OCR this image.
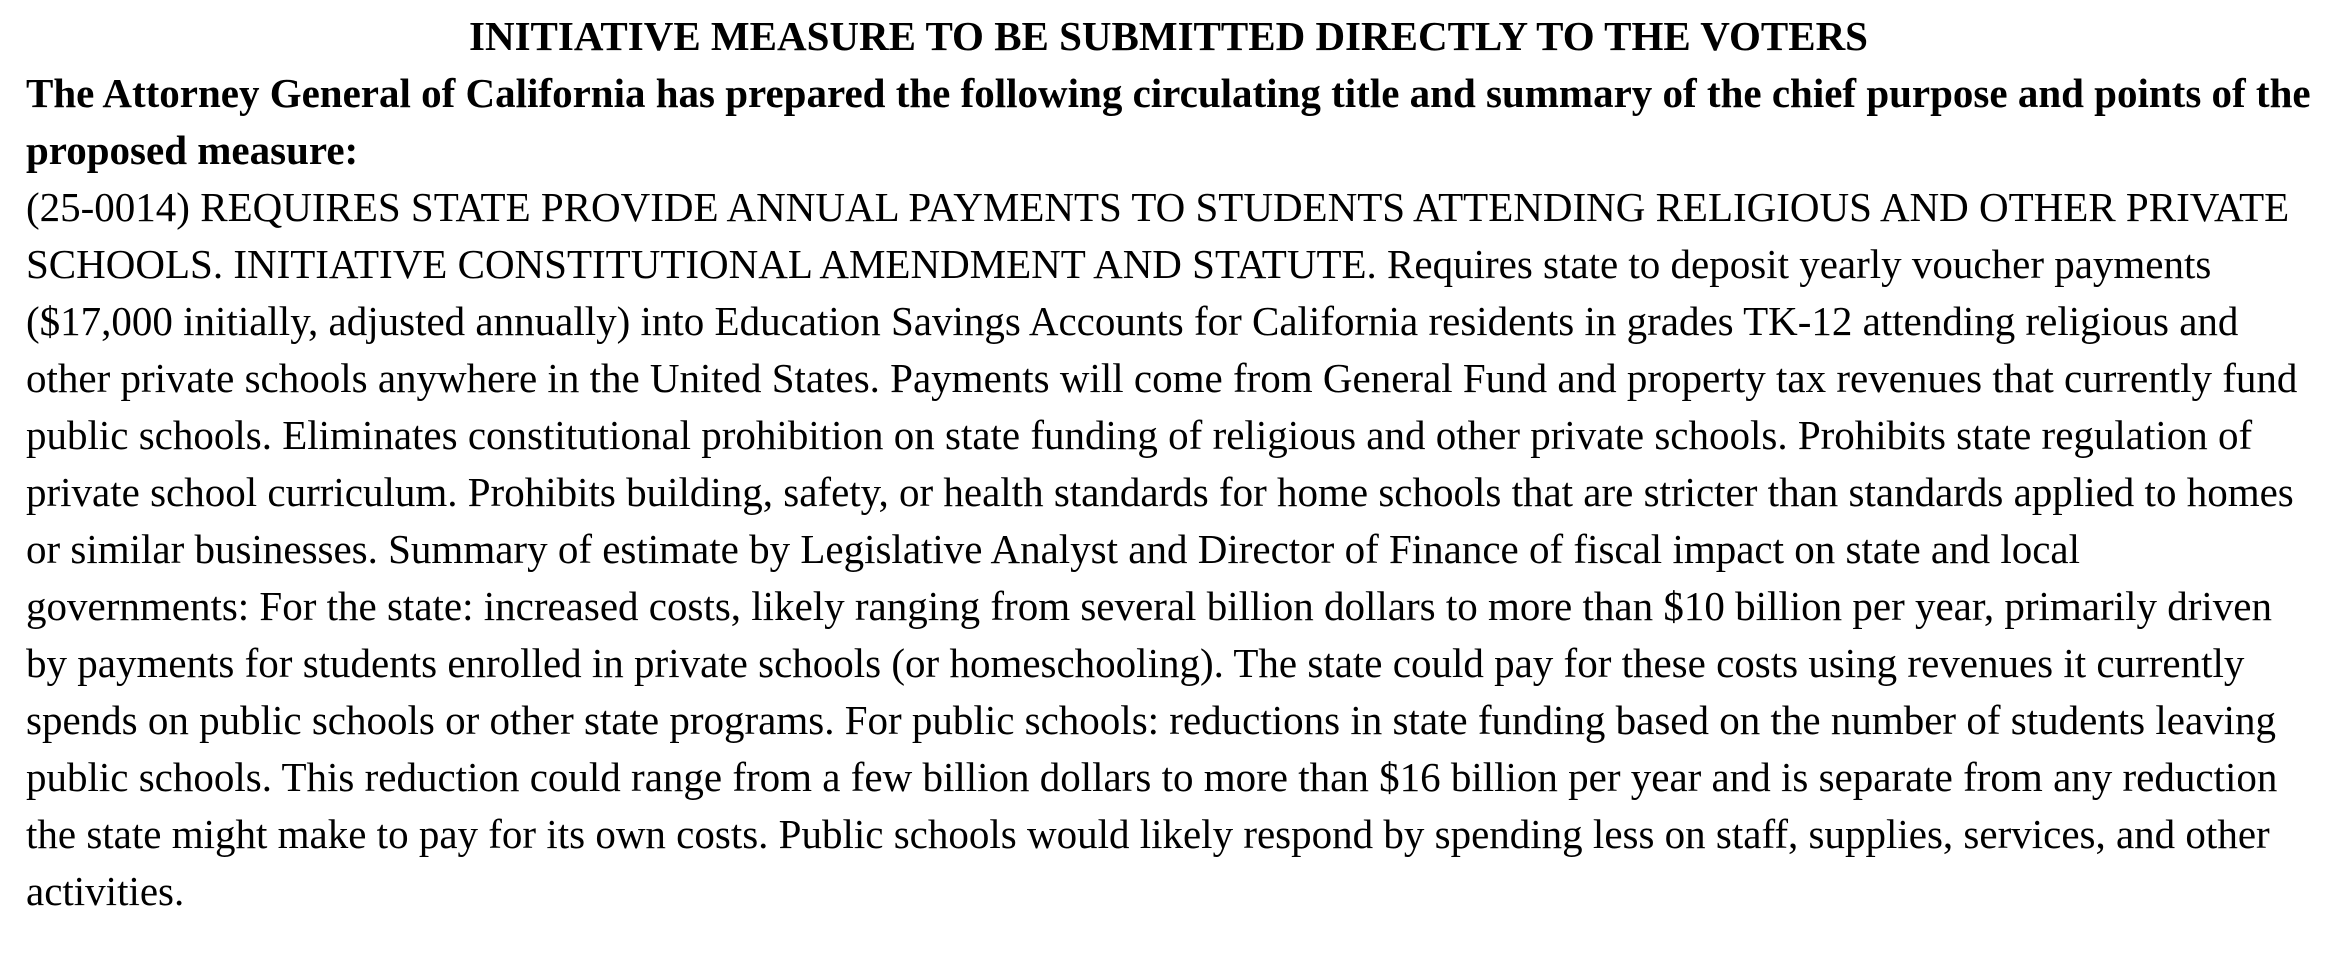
INITIATIVE MEASURE TO BE SUBMITTED DIRECTLY TO THE VOTERS

The Attorney General of California has prepared the following circulating title and summary of the chief purpose and points of the proposed measure:

(25-0014) REQUIRES STATE PROVIDE ANNUAL PAYMENTS TO STUDENTS ATTENDING RELIGIOUS AND OTHER PRIVATE SCHOOLS. INITIATIVE CONSTITUTIONAL AMENDMENT AND STATUTE. Requires state to deposit yearly voucher payments ($17,000 initially, adjusted annually) into Education Savings Accounts for California residents in grades TK-12 attending religious and other private schools anywhere in the United States. Payments will come from General Fund and property tax revenues that currently fund public schools. Eliminates constitutional prohibition on state funding of religious and other private schools. Prohibits state regulation of private school curriculum. Prohibits building, safety, or health standards for home schools that are stricter than standards applied to homes or similar businesses. Summary of estimate by Legislative Analyst and Director of Finance of fiscal impact on state and local governments: For the state: increased costs, likely ranging from several billion dollars to more than $10 billion per year, primarily driven by payments for students enrolled in private schools (or homeschooling). The state could pay for these costs using revenues it currently spends on public schools or other state programs. For public schools: reductions in state funding based on the number of students leaving public schools. This reduction could range from a few billion dollars to more than $16 billion per year and is separate from any reduction the state might make to pay for its own costs. Public schools would likely respond by spending less on staff, supplies, services, and other activities.
